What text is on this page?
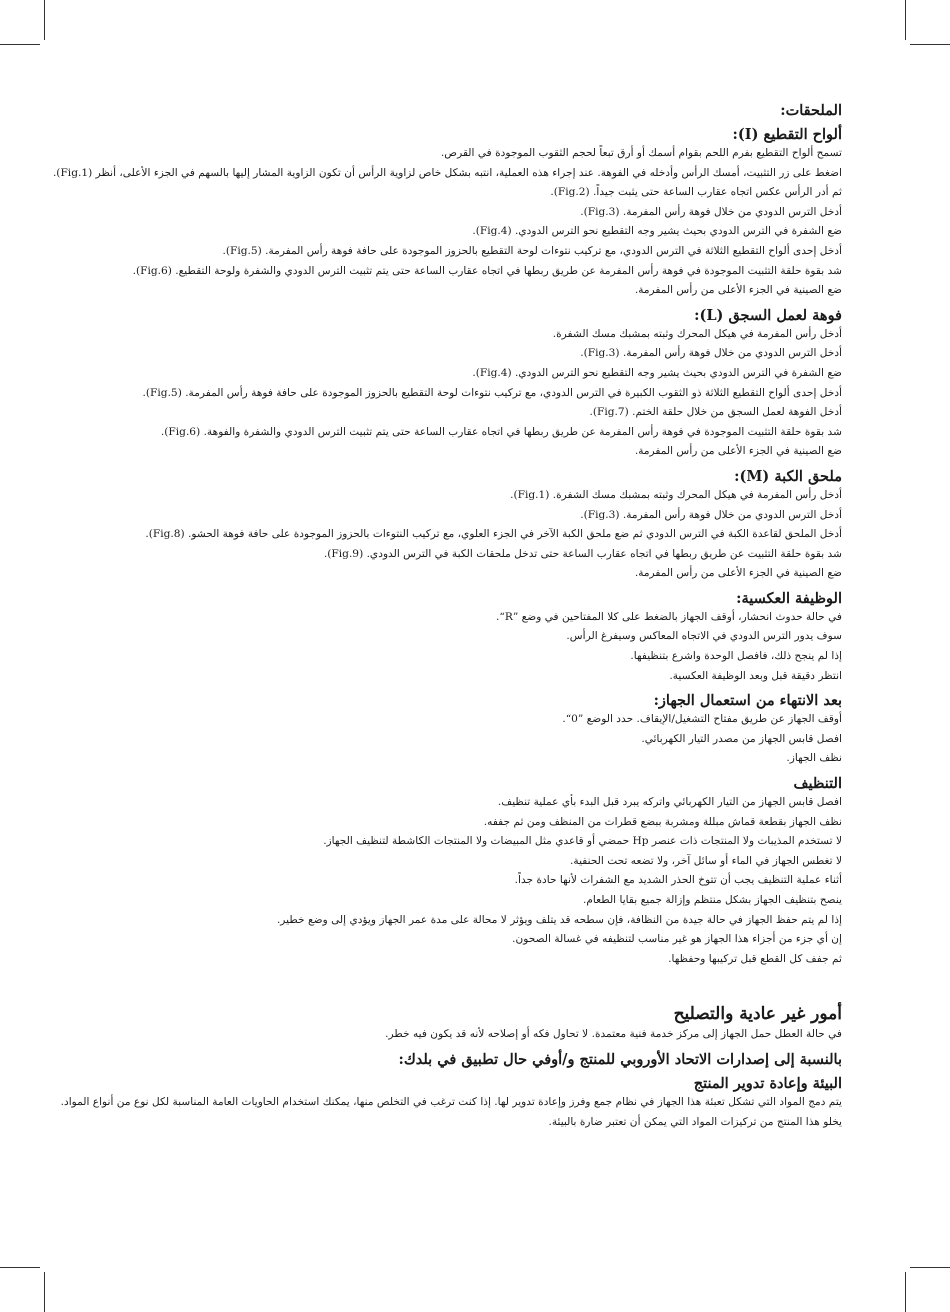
الملحقات:
ألواح التقطيع (I):
تسمح ألواح التقطيع بفرم اللحم بقوام أسمك أو أرق تبعاً لحجم الثقوب الموجودة في القرص.
اضغط على زر التثبيت، أمسك الرأس وأدخله في الفوهة. عند إجراء هذه العملية، انتبه بشكل خاص لزاوية الرأس أن تكون الزاوية المشار إليها بالسهم في الجزء الأعلى، أنظر (Fig.1).
ثم أدر الرأس عكس اتجاه عقارب الساعة حتى يثبت جيداً. (Fig.2).
أدخل الترس الدودي من خلال فوهة رأس المفرمة. (Fig.3).
ضع الشفرة في الترس الدودي بحيث يشير وجه التقطيع نحو الترس الدودي. (Fig.4).
أدخل إحدى ألواح التقطيع الثلاثة في الترس الدودي، مع تركيب نتوءات لوحة التقطيع بالحزوز الموجودة على حافة فوهة رأس المفرمة. (Fig.5).
شد بقوة حلقة التثبيت الموجودة في فوهة رأس المفرمة عن طريق ربطها في اتجاه عقارب الساعة حتى يتم تثبيت الترس الدودي والشفرة ولوحة التقطيع. (Fig.6).
ضع الصينية في الجزء الأعلى من رأس المفرمة.
فوهة لعمل السجق (L):
أدخل رأس المفرمة في هيكل المحرك وثبته بمشبك مسك الشفرة.
أدخل الترس الدودي من خلال فوهة رأس المفرمة. (Fig.3).
ضع الشفرة في الترس الدودي بحيث يشير وجه التقطيع نحو الترس الدودي. (Fig.4).
أدخل إحدى ألواح التقطيع الثلاثة ذو الثقوب الكبيرة في الترس الدودي، مع تركيب نتوءات لوحة التقطيع بالحزوز الموجودة على حافة فوهة رأس المفرمة. (Fig.5).
أدخل الفوهة لعمل السجق من خلال حلقة الختم. (Fig.7).
شد بقوة حلقة التثبيت الموجودة في فوهة رأس المفرمة عن طريق ربطها في اتجاه عقارب الساعة حتى يتم تثبيت الترس الدودي والشفرة والفوهة. (Fig.6).
ضع الصينية في الجزء الأعلى من رأس المفرمة.
ملحق الكبة (M):
أدخل رأس المفرمة في هيكل المحرك وثبته بمشبك مسك الشفرة. (Fig.1).
أدخل الترس الدودي من خلال فوهة رأس المفرمة. (Fig.3).
أدخل الملحق لقاعدة الكبة في الترس الدودي ثم ضع ملحق الكبة الآخر في الجزء العلوي، مع تركيب النتوءات بالحزوز الموجودة على حافة فوهة الحشو. (Fig.8).
شد بقوة حلقة التثبيت عن طريق ربطها في اتجاه عقارب الساعة حتى تدخل ملحقات الكبة في الترس الدودي. (Fig.9).
ضع الصينية في الجزء الأعلى من رأس المفرمة.
الوظيفة العكسية:
في حالة حدوث انحشار، أوقف الجهاز بالضغط على كلا المفتاحين في وضع ”R“.
سوف يدور الترس الدودي في الاتجاه المعاكس وسيفرغ الرأس.
إذا لم ينجح ذلك، فافصل الوحدة واشرع بتنظيفها.
انتظر دقيقة قبل وبعد الوظيفة العكسية.
بعد الانتهاء من استعمال الجهاز:
أوقف الجهاز عن طريق مفتاح التشغيل/الإيقاف. حدد الوضع ”0“.
افصل قابس الجهاز من مصدر التيار الكهربائي.
نظف الجهاز.
التنظيف
افصل قابس الجهاز من التيار الكهربائي واتركه يبرد قبل البدء بأي عملية تنظيف.
نظف الجهاز بقطعة قماش مبللة ومشربة ببضع قطرات من المنظف ومن ثم جففه.
لا تستخدم المذيبات ولا المنتجات ذات عنصر Hp حمضي أو قاعدي مثل المبيضات ولا المنتجات الكاشطة لتنظيف الجهاز.
لا تغطس الجهاز في الماء أو سائل آخر، ولا تضعه تحت الحنفية.
أثناء عملية التنظيف يجب أن تتوخ الحذر الشديد مع الشفرات لأنها حادة جداً.
ينصح بتنظيف الجهاز بشكل منتظم وإزالة جميع بقايا الطعام.
إذا لم يتم حفظ الجهاز في حالة جيدة من النظافة، فإن سطحه قد يتلف ويؤثر لا محالة على مدة عمر الجهاز ويؤدي إلى وضع خطير.
إن أي جزء من أجزاء هذا الجهاز هو غير مناسب لتنظيفه في غسالة الصحون.
ثم جفف كل القطع قبل تركيبها وحفظها.
أمور غير عادية والتصليح
في حالة العطل حمل الجهاز إلى مركز خدمة فنية معتمدة. لا تحاول فكه أو إصلاحه لأنه قد يكون فيه خطر.
بالنسبة إلى إصدارات الاتحاد الأوروبي للمنتج و/أوفي حال تطبيق في بلدك:
البيئة وإعادة تدوير المنتج
يتم دمج المواد التي تشكل تعبئة هذا الجهاز في نظام جمع وفرز وإعادة تدوير لها. إذا كنت ترغب في التخلص منها، يمكنك استخدام الحاويات العامة المناسبة لكل نوع من أنواع المواد.
يخلو هذا المنتج من تركيزات المواد التي يمكن أن تعتبر ضارة بالبيئة.
